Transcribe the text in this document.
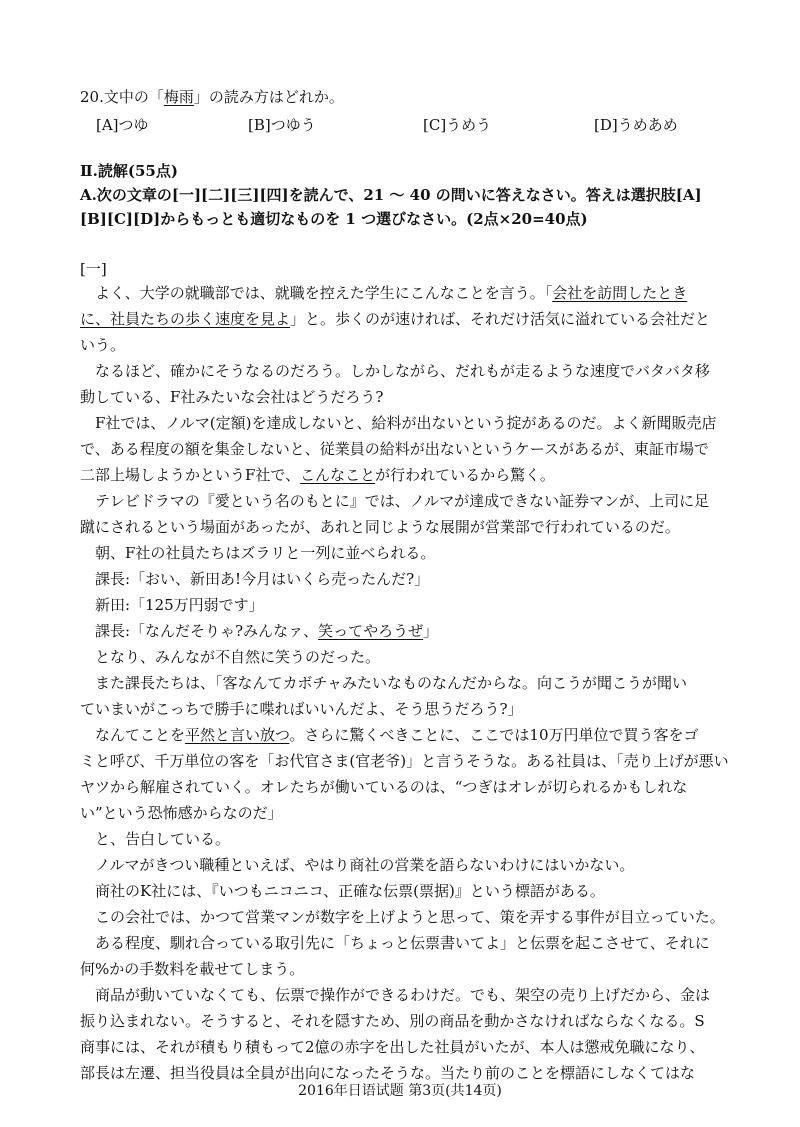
20.文中の「梅雨」の読み方はどれか。
[A]つゆ	[B]つゆう	[C]うめう	[D]うめあめ
Ⅱ.読解(55点)
A.次の文章の[一][二][三][四]を読んで、21 ～ 40 の問いに答えなさい。答えは選択肢[A]
[B][C][D]からもっとも適切なものを 1 つ選びなさい。(2点×20=40点)
[一]
　よく、大学の就職部では、就職を控えた学生にこんなことを言う。「会社を訪問したとき
に、社員たちの歩く速度を見よ」と。歩くのが速ければ、それだけ活気に溢れている会社だと
いう。
　なるほど、確かにそうなるのだろう。しかしながら、だれもが走るような速度でバタバタ移
動している、F社みたいな会社はどうだろう?
　F社では、ノルマ(定額)を達成しないと、給料が出ないという掟があるのだ。よく新聞販売店
で、ある程度の額を集金しないと、従業員の給料が出ないというケースがあるが、東証市場で
二部上場しようかというF社で、こんなことが行われているから驚く。
　テレビドラマの『愛という名のもとに』では、ノルマが達成できない証券マンが、上司に足
蹴にされるという場面があったが、あれと同じような展開が営業部で行われているのだ。
　朝、F社の社員たちはズラリと一列に並べられる。
　課長:「おい、新田あ!今月はいくら売ったんだ?」
　新田:「125万円弱です」
　課長:「なんだそりゃ?みんなァ、笑ってやろうぜ」
　となり、みんなが不自然に笑うのだった。
　また課長たちは、「客なんてカボチャみたいなものなんだからな。向こうが聞こうが聞い
ていまいがこっちで勝手に喋ればいいんだよ、そう思うだろう?」
　なんてことを平然と言い放つ。さらに驚くべきことに、ここでは10万円単位で買う客をゴ
ミと呼び、千万単位の客を「お代官さま(官老爷)」と言うそうな。ある社員は、「売り上げが悪い
ヤツから解雇されていく。オレたちが働いているのは、“つぎはオレが切られるかもしれな
い”という恐怖感からなのだ」
　と、告白している。
　ノルマがきつい職種といえば、やはり商社の営業を語らないわけにはいかない。
　商社のK社には、『いつもニコニコ、正確な伝票(票据)』という標語がある。
　この会社では、かつて営業マンが数字を上げようと思って、策を弄する事件が目立っていた。
　ある程度、馴れ合っている取引先に「ちょっと伝票書いてよ」と伝票を起こさせて、それに
何%かの手数料を載せてしまう。
　商品が動いていなくても、伝票で操作ができるわけだ。でも、架空の売り上げだから、金は
振り込まれない。そうすると、それを隠すため、別の商品を動かさなければならなくなる。S
商事には、それが積もり積もって2億の赤字を出した社員がいたが、本人は懲戒免職になり、
部長は左遷、担当役員は全員が出向になったそうな。当たり前のことを標語にしなくてはな
2016年日语试题 第3页(共14页)
